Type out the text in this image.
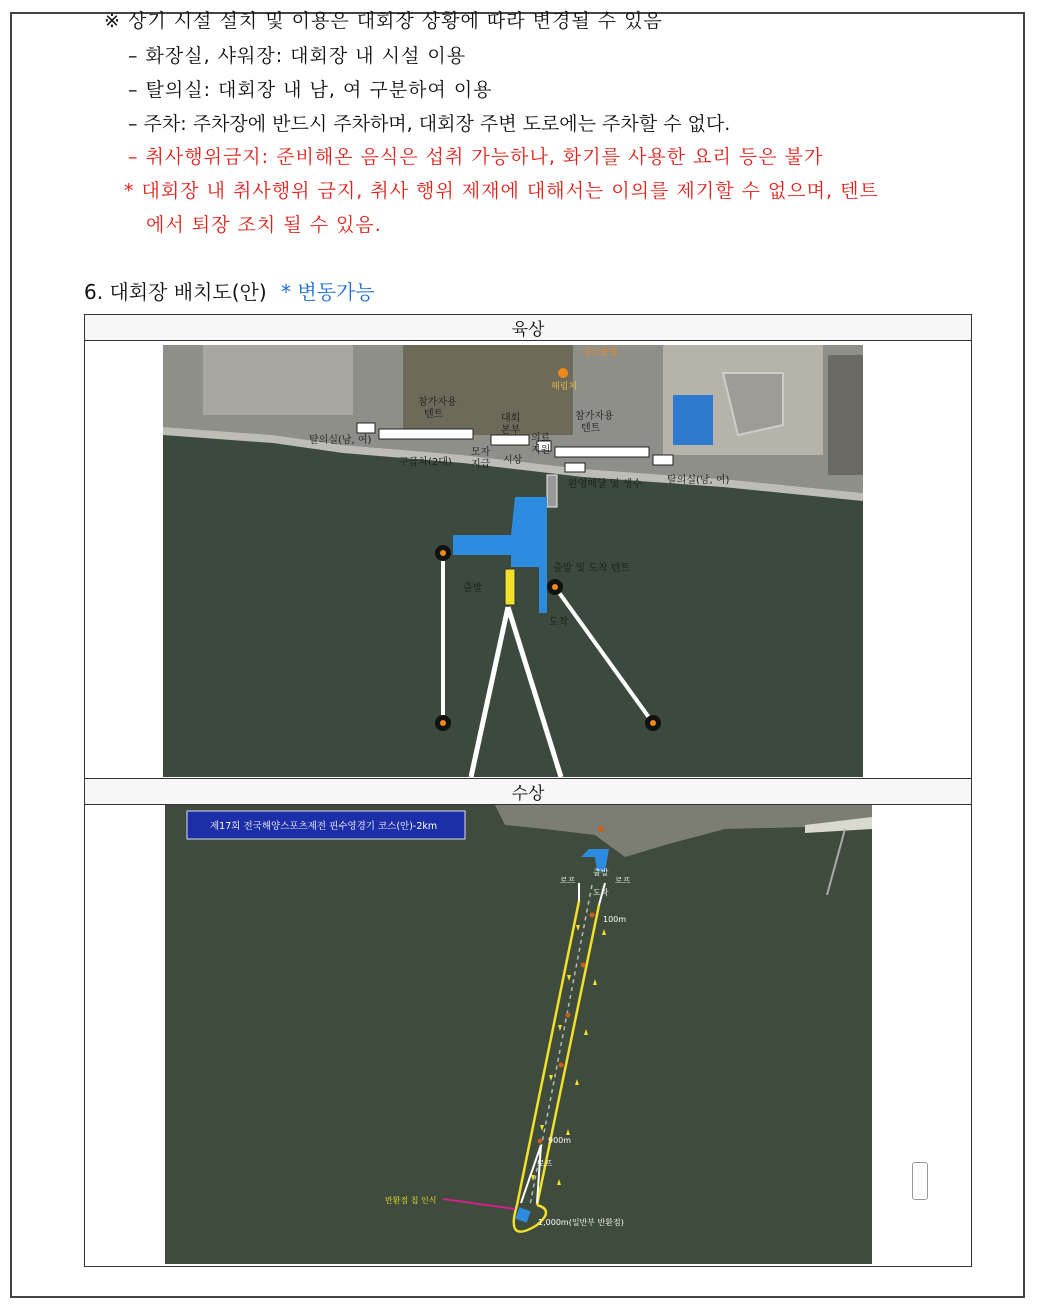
※ 상기 시설 설치 및 이용은 대회장 상황에 따라 변경될 수 있음
– 화장실, 샤워장: 대회장 내 시설 이용
– 탈의실: 대회장 내 남, 여 구분하여 이용
– 주차: 주차장에 반드시 주차하며, 대회장 주변 도로에는 주차할 수 없다.
– 취사행위금지: 준비해온 음식은 섭취 가능하나, 화기를 사용한 요리 등은 불가
* 대회장 내 취사행위 금지, 취사 행위 제재에 대해서는 이의를 제기할 수 없으며, 텐트
에서 퇴장 조치 될 수 있음.
6. 대회장 배치도(안) * 변동가능
육상

참가자용
텐트	대회
본부
참가자용
텐트
탈의실(남, 여)
구급차(2대)
모자
지급 시상
의료
지원
완영메달 및 생수	탈의실(남, 여)
출발
출발 및 도착 텐트
도착
해림처
골든튤립

수상

제17회 전국해양스포츠제전 핀수영경기 코스(안)-2km
로프	로프
로프
출발
도착
100m
900m
반환점 칩 인식
1,000m(일반부 반환점)
